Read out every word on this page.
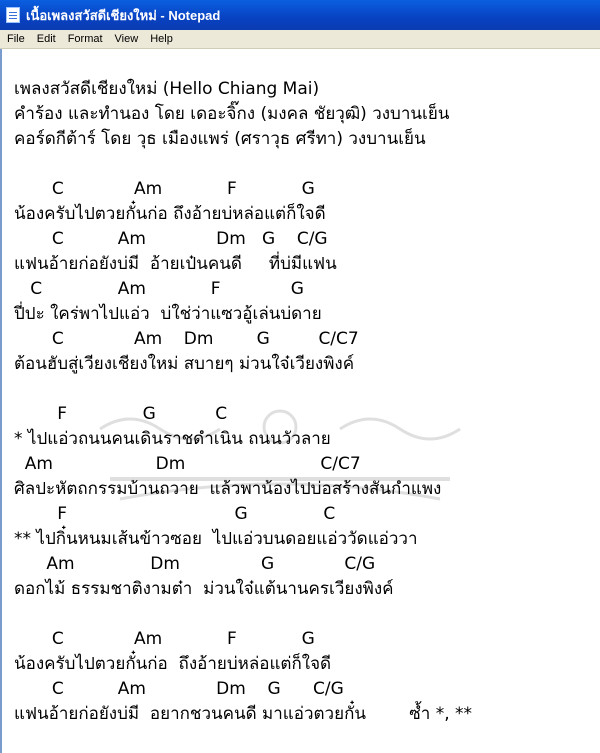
เนื้อเพลงสวัสดีเชียงใหม่ - Notepad
File	Edit	Format	View	Help
เพลงสวัสดีเชียงใหม่ (Hello Chiang Mai)
คำร้อง และทำนอง โดย เดอะจิ๊กง (มงคล ชัยวุฒิ) วงบานเย็น
คอร์ดกีต้าร์ โดย วุธ เมืองแพร่ (ศราวุธ ศรีทา) วงบานเย็น
C             Am            F            G
น้องครับไปตวยกั๋นก่อ ถึงอ้ายบ่หล่อแต่ก็ใจดี
C          Am             Dm   G    C/G
แฟนอ้ายก่อยังบ่มี  อ้ายเป๋นคนดี     ที่บ่มีแฟน
C              Am            F             G
ปี่ปะ ใคร่พาไปแอ่ว  บ่ใช่ว่าแซวอู้เล่นบ่ดาย
C             Am    Dm        G         C/C7
ต้อนฮับสู่เวียงเชียงใหม่ สบายๆ ม่วนใจ๋เวียงพิงค์
F              G           C
* ไปแอ่วถนนคนเดินราชดำเนิน ถนนวัวลาย
Am                   Dm                         C/C7
ศิลปะหัตถกรรมบ้านถวาย  แล้วพาน้องไปบ่อสร้างสันกำแพง
F                               G              C
** ไปกิ๋นหนมเส้นข้าวซอย  ไปแอ่วบนดอยแอ่ววัดแอ่ววา
Am              Dm               G             C/G
ดอกไม้ ธรรมชาติงามต๋า  ม่วนใจ๋แต้นานครเวียงพิงค์
C             Am            F            G
น้องครับไปตวยกั๋นก่อ  ถึงอ้ายบ่หล่อแต่ก็ใจดี
C          Am             Dm    G      C/G
แฟนอ้ายก่อยังบ่มี  อยากชวนคนดี มาแอ่วตวยกั๋น        ซ้ำ *, **
